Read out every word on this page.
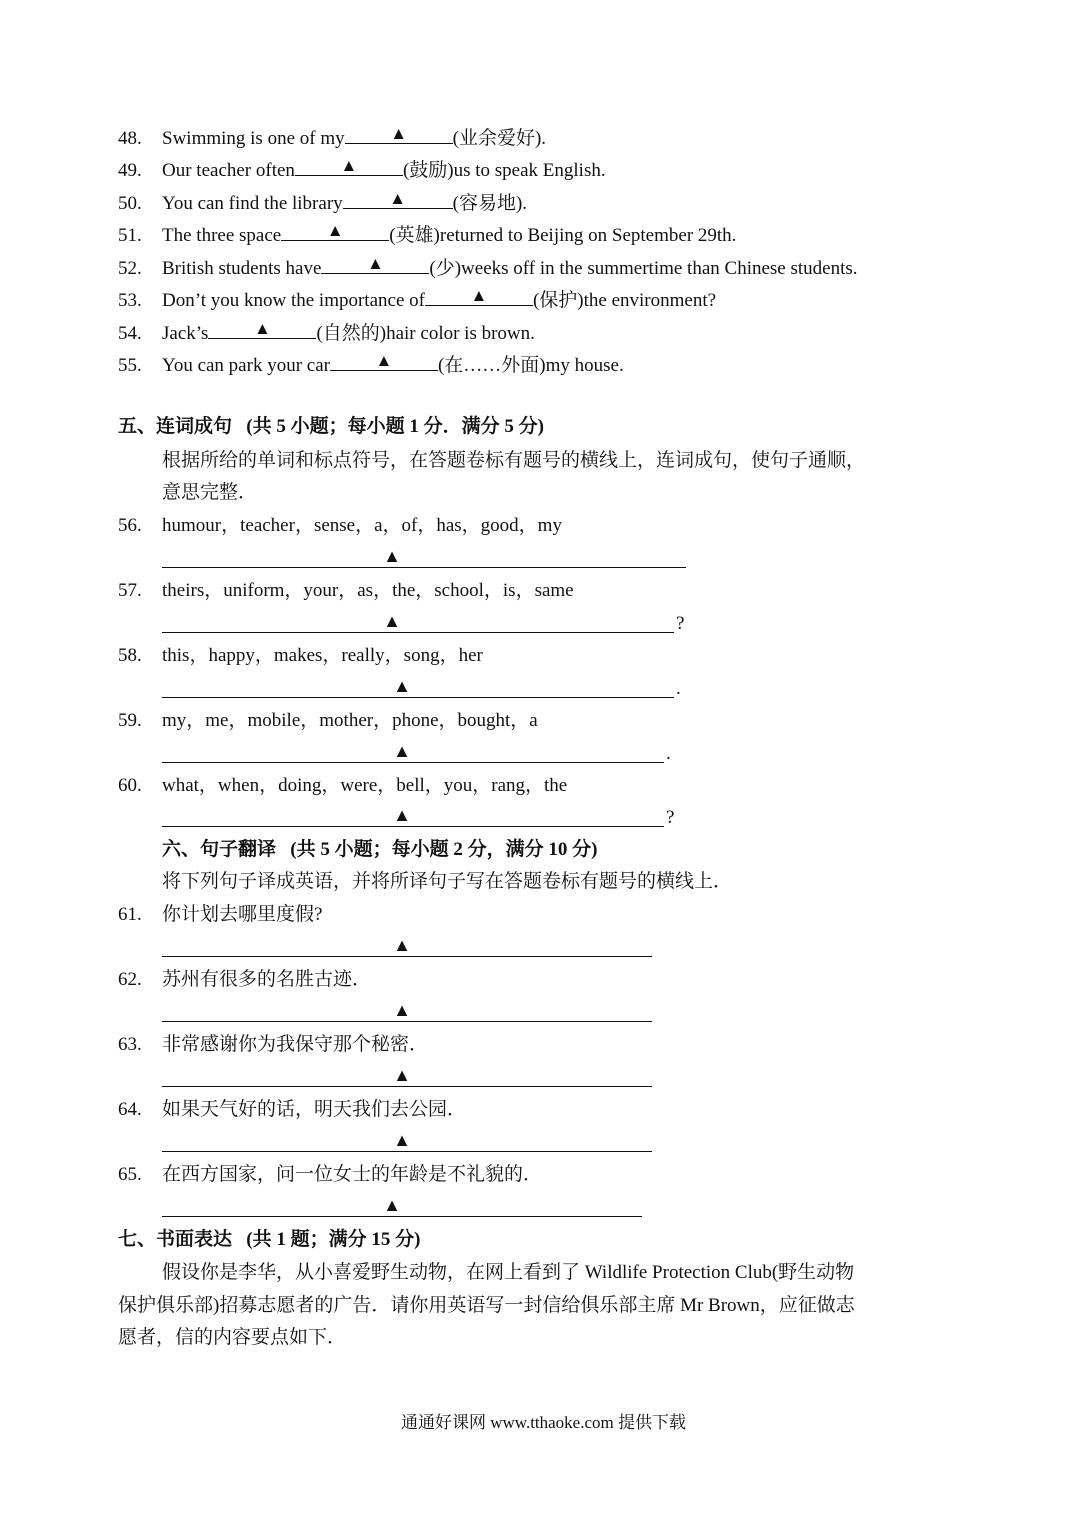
48. Swimming is one of my	▲ (业余爱好).
49. Our teacher often	▲ (鼓励)us to speak English.
50. You can find the library	▲ (容易地).
51. The three space	▲ (英雄)returned to Beijing on September 29th.
52. British students have	▲ (少)weeks off in the summertime than Chinese students.
53. Don’t you know the importance of	▲ (保护)the environment?
54. Jack’s	▲ (自然的)hair color is brown.
55. You can park your car	▲ (在……外面)my house.
五、连词成句 (共 5 小题；每小题 1 分．满分 5 分)
根据所给的单词和标点符号，在答题卷标有题号的横线上，连词成句，使句子通顺，
意思完整．
56. humour，teacher，sense，a，of，has，good，my
▲
57. theirs，uniform，your，as，the，school，is，same
▲	?
58. this，happy，makes，really，song，her
▲	.
59. my，me，mobile，mother，phone，bought，a
▲	.
60. what，when，doing，were，bell，you，rang，the
▲	?
六、句子翻译 (共 5 小题；每小题 2 分，满分 10 分)
将下列句子译成英语，并将所译句子写在答题卷标有题号的横线上．
61. 你计划去哪里度假?
▲
62. 苏州有很多的名胜古迹．
▲
63. 非常感谢你为我保守那个秘密．
▲
64. 如果天气好的话，明天我们去公园．
▲
65. 在西方国家，问一位女士的年龄是不礼貌的．
▲
七、书面表达 (共 1 题；满分 15 分)
假设你是李华，从小喜爱野生动物，在网上看到了 Wildlife Protection Club(野生动物
保护俱乐部)招募志愿者的广告．请你用英语写一封信给俱乐部主席 Mr Brown，应征做志
愿者，信的内容要点如下．
通通好课网 www.tthaoke.com 提供下载
